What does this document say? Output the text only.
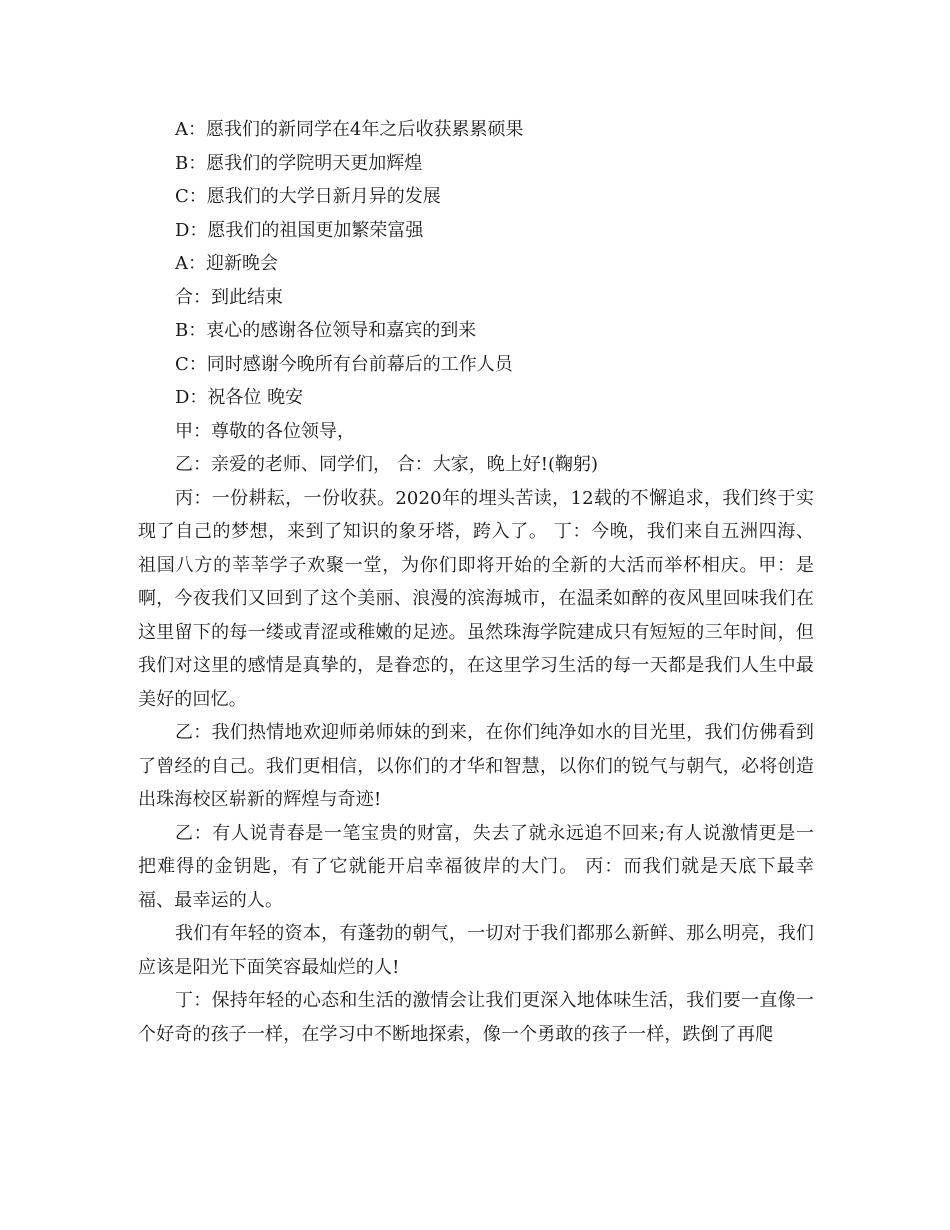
A：愿我们的新同学在4年之后收获累累硕果

B：愿我们的学院明天更加辉煌

C：愿我们的大学日新月异的发展

D：愿我们的祖国更加繁荣富强

A：迎新晚会

合：到此结束

B：衷心的感谢各位领导和嘉宾的到来

C：同时感谢今晚所有台前幕后的工作人员

D：祝各位 晚安

甲：尊敬的各位领导，

乙：亲爱的老师、同学们， 合：大家，晚上好!(鞠躬)

丙：一份耕耘，一份收获。2020年的埋头苦读，12载的不懈追求，我们终于实现了自己的梦想，来到了知识的象牙塔，跨入了。 丁：今晚，我们来自五洲四海、祖国八方的莘莘学子欢聚一堂，为你们即将开始的全新的大活而举杯相庆。甲：是啊，今夜我们又回到了这个美丽、浪漫的滨海城市，在温柔如醉的夜风里回味我们在这里留下的每一缕或青涩或稚嫩的足迹。虽然珠海学院建成只有短短的三年时间，但我们对这里的感情是真挚的，是眷恋的，在这里学习生活的每一天都是我们人生中最美好的回忆。

乙：我们热情地欢迎师弟师妹的到来，在你们纯净如水的目光里，我们仿佛看到了曾经的自己。我们更相信，以你们的才华和智慧，以你们的锐气与朝气，必将创造出珠海校区崭新的辉煌与奇迹!

乙：有人说青春是一笔宝贵的财富，失去了就永远追不回来;有人说激情更是一把难得的金钥匙，有了它就能开启幸福彼岸的大门。 丙：而我们就是天底下最幸福、最幸运的人。

我们有年轻的资本，有蓬勃的朝气，一切对于我们都那么新鲜、那么明亮，我们应该是阳光下面笑容最灿烂的人!

丁：保持年轻的心态和生活的激情会让我们更深入地体味生活，我们要一直像一个好奇的孩子一样，在学习中不断地探索，像一个勇敢的孩子一样，跌倒了再爬
